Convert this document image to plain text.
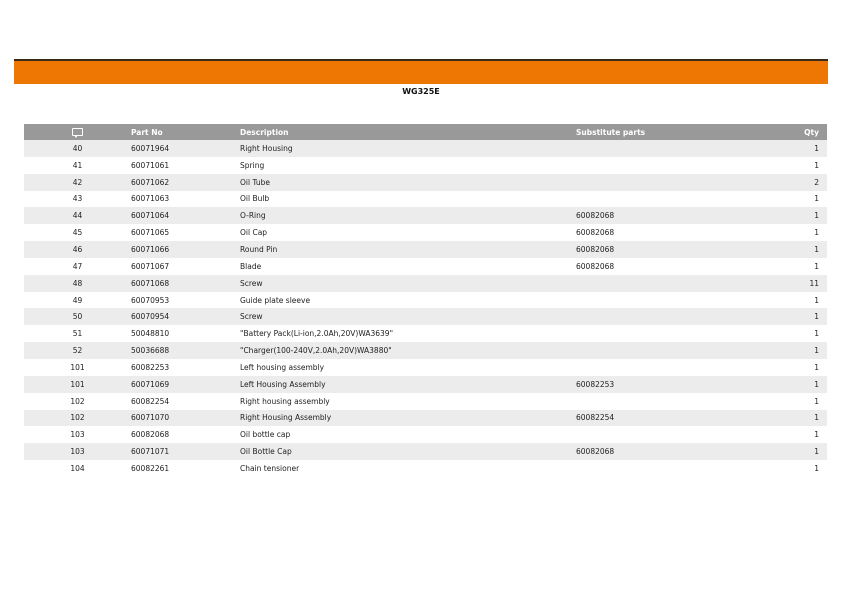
WG325E
	Part No	Description	Substitute parts	Qty
40	60071964	Right Housing		1
41	60071061	Spring		1
42	60071062	Oil Tube		2
43	60071063	Oil Bulb		1
44	60071064	O-Ring	60082068	1
45	60071065	Oil Cap	60082068	1
46	60071066	Round Pin	60082068	1
47	60071067	Blade	60082068	1
48	60071068	Screw		11
49	60070953	Guide plate sleeve		1
50	60070954	Screw		1
51	50048810	"Battery Pack(Li-ion,2.0Ah,20V)WA3639"		1
52	50036688	"Charger(100-240V,2.0Ah,20V)WA3880"		1
101	60082253	Left housing assembly		1
101	60071069	Left Housing Assembly	60082253	1
102	60082254	Right housing assembly		1
102	60071070	Right Housing Assembly	60082254	1
103	60082068	Oil bottle cap		1
103	60071071	Oil Bottle Cap	60082068	1
104	60082261	Chain tensioner		1
